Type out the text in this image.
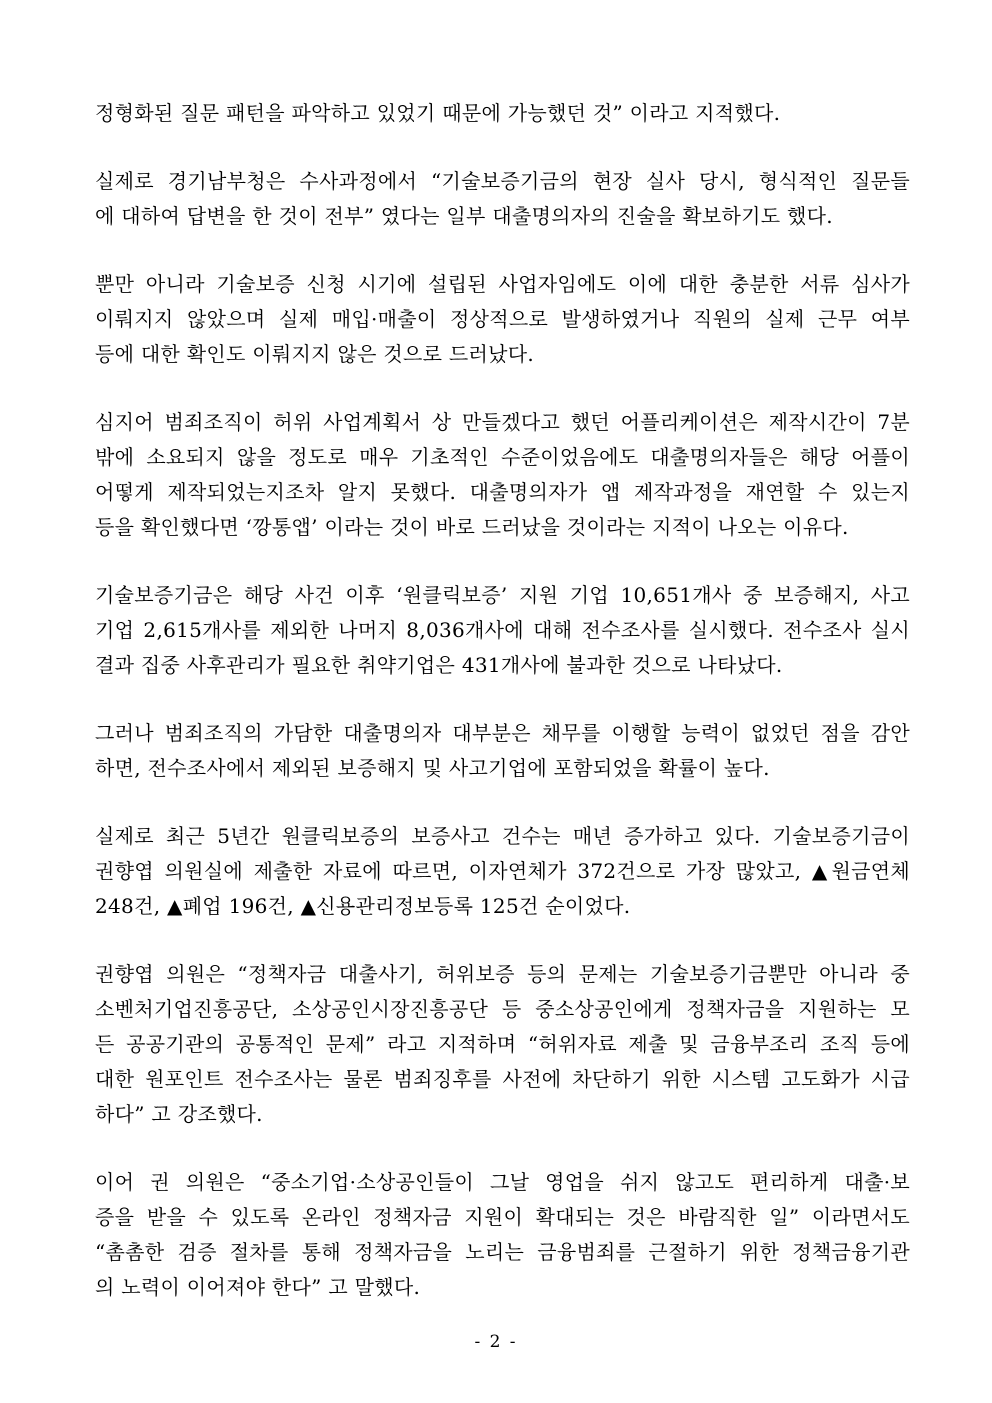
정형화된 질문 패턴을 파악하고 있었기 때문에 가능했던 것” 이라고 지적했다.

실제로 경기남부청은 수사과정에서 “기술보증기금의 현장 실사 당시, 형식적인 질문들
에 대하여 답변을 한 것이 전부” 였다는 일부 대출명의자의 진술을 확보하기도 했다.

뿐만 아니라 기술보증 신청 시기에 설립된 사업자임에도 이에 대한 충분한 서류 심사가
이뤄지지 않았으며 실제 매입·매출이 정상적으로 발생하였거나 직원의 실제 근무 여부
등에 대한 확인도 이뤄지지 않은 것으로 드러났다.

심지어 범죄조직이 허위 사업계획서 상 만들겠다고 했던 어플리케이션은 제작시간이 7분
밖에 소요되지 않을 정도로 매우 기초적인 수준이었음에도 대출명의자들은 해당 어플이
어떻게 제작되었는지조차 알지 못했다. 대출명의자가 앱 제작과정을 재연할 수 있는지
등을 확인했다면 ‘깡통앱’ 이라는 것이 바로 드러났을 것이라는 지적이 나오는 이유다.

기술보증기금은 해당 사건 이후 ‘원클릭보증’ 지원 기업 10,651개사 중 보증해지, 사고
기업 2,615개사를 제외한 나머지 8,036개사에 대해 전수조사를 실시했다. 전수조사 실시
결과 집중 사후관리가 필요한 취약기업은 431개사에 불과한 것으로 나타났다.

그러나 범죄조직의 가담한 대출명의자 대부분은 채무를 이행할 능력이 없었던 점을 감안
하면, 전수조사에서 제외된 보증해지 및 사고기업에 포함되었을 확률이 높다.

실제로 최근 5년간 원클릭보증의 보증사고 건수는 매년 증가하고 있다. 기술보증기금이
권향엽 의원실에 제출한 자료에 따르면, 이자연체가 372건으로 가장 많았고, ▲원금연체
248건, ▲폐업 196건, ▲신용관리정보등록 125건 순이었다.

권향엽 의원은 “정책자금 대출사기, 허위보증 등의 문제는 기술보증기금뿐만 아니라 중
소벤처기업진흥공단, 소상공인시장진흥공단 등 중소상공인에게 정책자금을 지원하는 모
든 공공기관의 공통적인 문제” 라고 지적하며 “허위자료 제출 및 금융부조리 조직 등에
대한 원포인트 전수조사는 물론 범죄징후를 사전에 차단하기 위한 시스템 고도화가 시급
하다” 고 강조했다.

이어 권 의원은 “중소기업·소상공인들이 그날 영업을 쉬지 않고도 편리하게 대출·보
증을 받을 수 있도록 온라인 정책자금 지원이 확대되는 것은 바람직한 일” 이라면서도
“촘촘한 검증 절차를 통해 정책자금을 노리는 금융범죄를 근절하기 위한 정책금융기관
의 노력이 이어져야 한다” 고 말했다.

- 2 -
